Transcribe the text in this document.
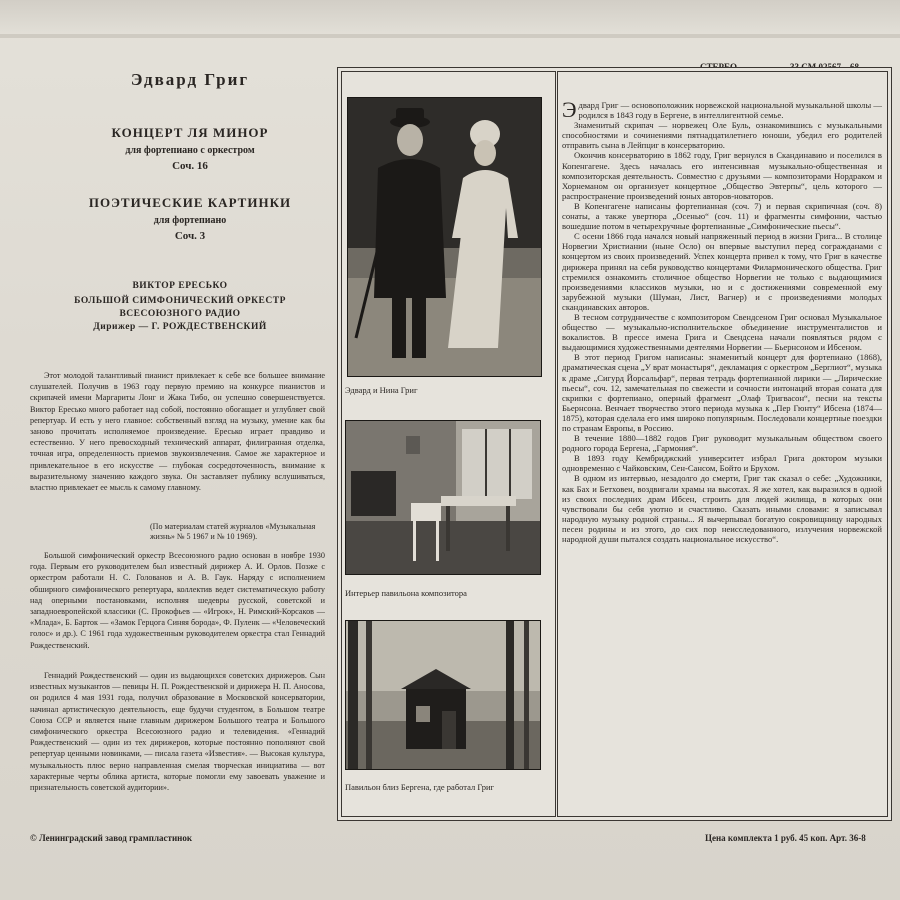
Эдвард Григ
КОНЦЕРТ ЛЯ МИНОР
для фортепиано с оркестром
Соч. 16
ПОЭТИЧЕСКИЕ КАРТИНКИ
для фортепиано
Соч. 3
ВИКТОР ЕРЕСЬКО
БОЛЬШОЙ СИМФОНИЧЕСКИЙ ОРКЕСТР
ВСЕСОЮЗНОГО РАДИО
Дирижер — Г. РОЖДЕСТВЕНСКИЙ
Этот молодой талантливый пианист привлекает к себе все большее внимание слушателей. Получив в 1963 году первую премию на конкурсе пианистов и скрипачей имени Маргариты Лонг и Жака Тибо, он успешно совершенствуется. Виктор Ересько много работает над собой, постоянно обогащает и углубляет свой репертуар. И есть у него главное: собственный взгляд на музыку, умение как бы заново прочитать исполняемое произведение. Ересько играет правдиво и естественно. У него превосходный технический аппарат, филигранная отделка, точная игра, определенность приемов звукоизвлечения. Самое же характерное и привлекательное в его искусстве — глубокая сосредоточенность, внимание к выразительному значению каждого звука. Он заставляет публику вслушиваться, властно привлекает ее мысль к самому главному.
(По материалам статей журналов «Музыкальная жизнь» № 5 1967 и № 10 1969).
Большой симфонический оркестр Всесоюзного радио основан в ноябре 1930 года. Первым его руководителем был известный дирижер А. И. Орлов. Позже с оркестром работали Н. С. Голованов и А. В. Гаук. Наряду с исполнением обширного симфонического репертуара, коллектив ведет систематическую работу над оперными постановками, исполняя шедевры русской, советской и западноевропейской классики (С. Прокофьев — «Игрок», Н. Римский-Корсаков — «Млада», Б. Барток — «Замок Герцога Синяя борода», Ф. Пуленк — «Человеческий голос» и др.). С 1961 года художественным руководителем оркестра стал Геннадий Рождественский.
Геннадий Рождественский — один из выдающихся советских дирижеров. Сын известных музыкантов — певицы Н. П. Рождественской и дирижера Н. П. Аносова, он родился 4 мая 1931 года, получил образование в Московской консерватории, начинал артистическую деятельность, еще будучи студентом, в Большом театре Союза ССР и является ныне главным дирижером Большого театра и Большого симфонического оркестра Всесоюзного радио и телевидения. «Геннадий Рождественский — один из тех дирижеров, которые постоянно пополняют свой репертуар ценными новинками, — писала газета «Известия». — Высокая культура, музыкальность плюс верно направленная смелая творческая инициатива — вот характерные черты облика артиста, которые помогли ему завоевать уважение и признательность советской аудитории».
© Ленинградский завод грампластинок
Эдвард и Нина Григ
Интерьер павильона композитора
Павильон близ Бергена, где работал Григ

Эдвард Григ — основоположник норвежской национальной музыкальной школы — родился в 1843 году в Бергене, в интеллигентной семье.

Знаменитый скрипач — норвежец Оле Буль, ознакомившись с музыкальными способностями и сочинениями пятнадцатилетнего юноши, убедил его родителей отправить сына в Лейпциг в консерваторию.

Окончив консерваторию в 1862 году, Григ вернулся в Скандинавию и поселился в Копенгагене. Здесь началась его интенсивная музыкально-общественная и композиторская деятельность. Совместно с друзьями — композиторами Нордраком и Хорнеманом он организует концертное „Общество Эвтерпы“, цель которого — распространение произведений юных авторов-новаторов.

В Копенгагене написаны фортепианная (соч. 7) и первая скрипичная (соч. 8) сонаты, а также увертюра „Осенью“ (соч. 11) и фрагменты симфонии, частью вошедшие потом в четырехручные фортепианные „Симфонические пьесы“.

С осени 1866 года начался новый напряженный период в жизни Грига... В столице Норвегии Христиании (ныне Осло) он впервые выступил перед согражданами с концертом из своих произведений. Успех концерта привел к тому, что Григ в качестве дирижера принял на себя руководство концертами Филармонического общества. Григ стремился ознакомить столичное общество Норвегии не только с выдающимися произведениями классиков музыки, но и с достижениями современной ему зарубежной музыки (Шуман, Лист, Вагнер) и с произведениями молодых скандинавских авторов.

В тесном сотрудничестве с композитором Свендсеном Григ основал Музыкальное общество — музыкально-исполнительское объединение инструменталистов и вокалистов. В прессе имена Грига и Свендсена начали появляться рядом с выдающимися художественными деятелями Норвегии — Бьернсоном и Ибсеном.

В этот период Григом написаны: знаменитый концерт для фортепиано (1868), драматическая сцена „У врат монастыря“, декламация с оркестром „Берглиот“, музыка к драме „Сигурд Йорсальфар“, первая тетрадь фортепианной лирики — „Лирические пьесы“, соч. 12, замечательная по свежести и сочности интонаций вторая соната для скрипки с фортепиано, оперный фрагмент „Олаф Тригвасон“, песни на тексты Бьернсона. Венчает творчество этого периода музыка к „Пер Гюнту“ Ибсена (1874—1875), которая сделала его имя широко популярным. Последовали концертные поездки по странам Европы, в Россию.

В течение 1880—1882 годов Григ руководит музыкальным обществом своего родного города Бергена, „Гармония“.

В 1893 году Кембриджский университет избрал Грига доктором музыки одновременно с Чайковским, Сен-Сансом, Бойто и Брухом.

В одном из интервью, незадолго до смерти, Григ так сказал о себе: „Художники, как Бах и Бетховен, воздвигали храмы на высотах. Я же хотел, как выразился в одной из своих последних драм Ибсен, строить для людей жилища, в которых они чувствовали бы себя уютно и счастливо. Сказать иными словами: я записывал народную музыку родной страны... Я вычерпывал богатую сокровищницу народных песен родины и из этого, до сих пор неисследованного, излучения норвежской народной души пытался создать национальное искусство“.

Цена комплекта 1 руб. 45 коп. Арт. 36-8
